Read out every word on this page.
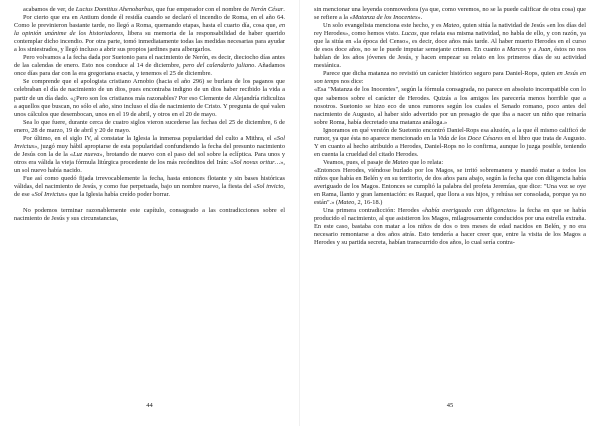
acabamos de ver, de Lucius Domitius Ahenobarbus, que fue emperador con el nombre de Nerón César.

Por cierto que era en Antium donde él residía cuando se declaró el incendio de Roma, en el año 64. Como le previnieron bastante tarde, no llegó a Roma, quemando etapas, hasta el cuarto día, cosa que, en la opinión unánime de los historiadores, libera su memoria de la responsabilidad de haber querido contemplar dicho incendio. Por otra parte, tomó inmediatamente todas las medidas necesarias para ayudar a los siniestrados, y llegó incluso a abrir sus propios jardines para albergarlos.

Pero volvamos a la fecha dada por Suetonio para el nacimiento de Nerón, es decir, dieciocho días antes de las calendas de enero. Esto nos conduce al 14 de diciembre, pero del calendario juliano. Añadamos once días para dar con la era gregoriana exacta, y tenemos el 25 de diciembre.

Se comprende que el apologista cristiano Arnobio (hacia el año 296) se burlara de los paganos que celebraban el día de nacimiento de un dios, pues encontraba indigno de un dios haber recibido la vida a partir de un día dado. «¿Pero son los cristianos más razonables? Por eso Clemente de Alejandría ridiculiza a aquellos que buscan, no sólo el año, sino incluso el día de nacimiento de Cristo. Y pregunta de qué valen unos cálculos que desembocan, unos en el 19 de abril, y otros en el 20 de mayo.

Sea lo que fuere, durante cerca de cuatro siglos vieron sucederse las fechas del 25 de diciembre, 6 de enero, 28 de marzo, 19 de abril y 20 de mayo.

Por último, en el siglo IV, al constatar la Iglesia la inmensa popularidad del culto a Mithra, el «Sol Invictus», juzgó muy hábil apropiarse de esta popularidad confundiendo la fecha del presunto nacimiento de Jesús con la de la «Luz nueva», brotando de nuevo con el paso del sol sobre la eclíptica. Para unos y otros era válida la vieja fórmula litúrgica procedente de los más recónditos del Irán: «Sol novus oritur…», un sol nuevo había nacido.

Fue así como quedó fijada irrevocablemente la fecha, hasta entonces flotante y sin bases históricas válidas, del nacimiento de Jesús, y como fue perpetuada, bajo un nombre nuevo, la fiesta del «Sol invicto, de ese «Sol Invictus» que la Iglesia había creído poder borrar.

No podemos terminar razonablemente este capítulo, consagrado a las contradicciones sobre el nacimiento de Jesús y sus circunstancias,

44

sin mencionar una leyenda conmovedora (ya que, como veremos, no se la puede calificar de otra cosa) que se refiere a la «Matanza de los Inocentes».

Un solo evangelista menciona este hecho, y es Mateo, quien sitúa la natividad de Jesús «en los días del rey Herodes», como hemos visto. Lucas, que relata esa misma natividad, no habla de ello, y con razón, ya que la sitúa en «la época del Censo», es decir, doce años más tarde. Al haber muerto Herodes en el curso de esos doce años, no se le puede imputar semejante crimen. En cuanto a Marcos y a Juan, éstos no nos hablan de los años jóvenes de Jesús, y hacen empezar su relato en los primeros días de su actividad mesiánica.

Parece que dicha matanza no revistió un carácter histórico seguro para Daniel-Rops, quien en Jesús en son temps nos dice:

«Esa "Matanza de los Inocentes", según la fórmula consagrada, no parece en absoluto incompatible con lo que sabemos sobre el carácter de Herodes. Quizás a los amigos les parecería menos horrible que a nosotros. Suetonio se hizo eco de unos rumores según los cuales el Senado romano, poco antes del nacimiento de Augusto, al haber sido advertido por un presagio de que iba a nacer un niño que reinaría sobre Roma, había decretado una matanza análoga.»

Ignoramos en qué versión de Suetonio encontró Daniel-Rops esa alusión, a la que él mismo calificó de rumor, ya que ésta no aparece mencionado en la Vida de los Doce Césares en el libro que trata de Augusto. Y en cuanto al hecho atribuido a Herodes, Daniel-Rops no lo confirma, aunque lo juzga posible, teniendo en cuenta la crueldad del citado Herodes.

Veamos, pues, el pasaje de Mateo que lo relata:

«Entonces Herodes, viéndose burlado por los Magos, se irritó sobremanera y mandó matar a todos los niños que había en Belén y en su territorio, de dos años para abajo, según la fecha que con diligencia había averiguado de los Magos. Entonces se cumplió la palabra del profeta Jeremías, que dice: "Una voz se oye en Rama, llanto y gran lamentación: es Raquel, que llora a sus hijos, y rehúsa ser consolada, porque ya no están".» (Mateo, 2, 16-18.)

Una primera contradicción: Herodes «había averiguado con diligencias» la fecha en que se había producido el nacimiento, al que asistieron los Magos, milagrosamente conducidos por una estrella extraña. En este caso, bastaba con matar a los niños de dos o tres meses de edad nacidos en Belén, y no era necesario remontarse a dos años atrás. Esto tendería a hacer creer que, entre la visita de los Magos a Herodes y su partida secreta, habían transcurrido dos años, lo cual sería contra-

45
